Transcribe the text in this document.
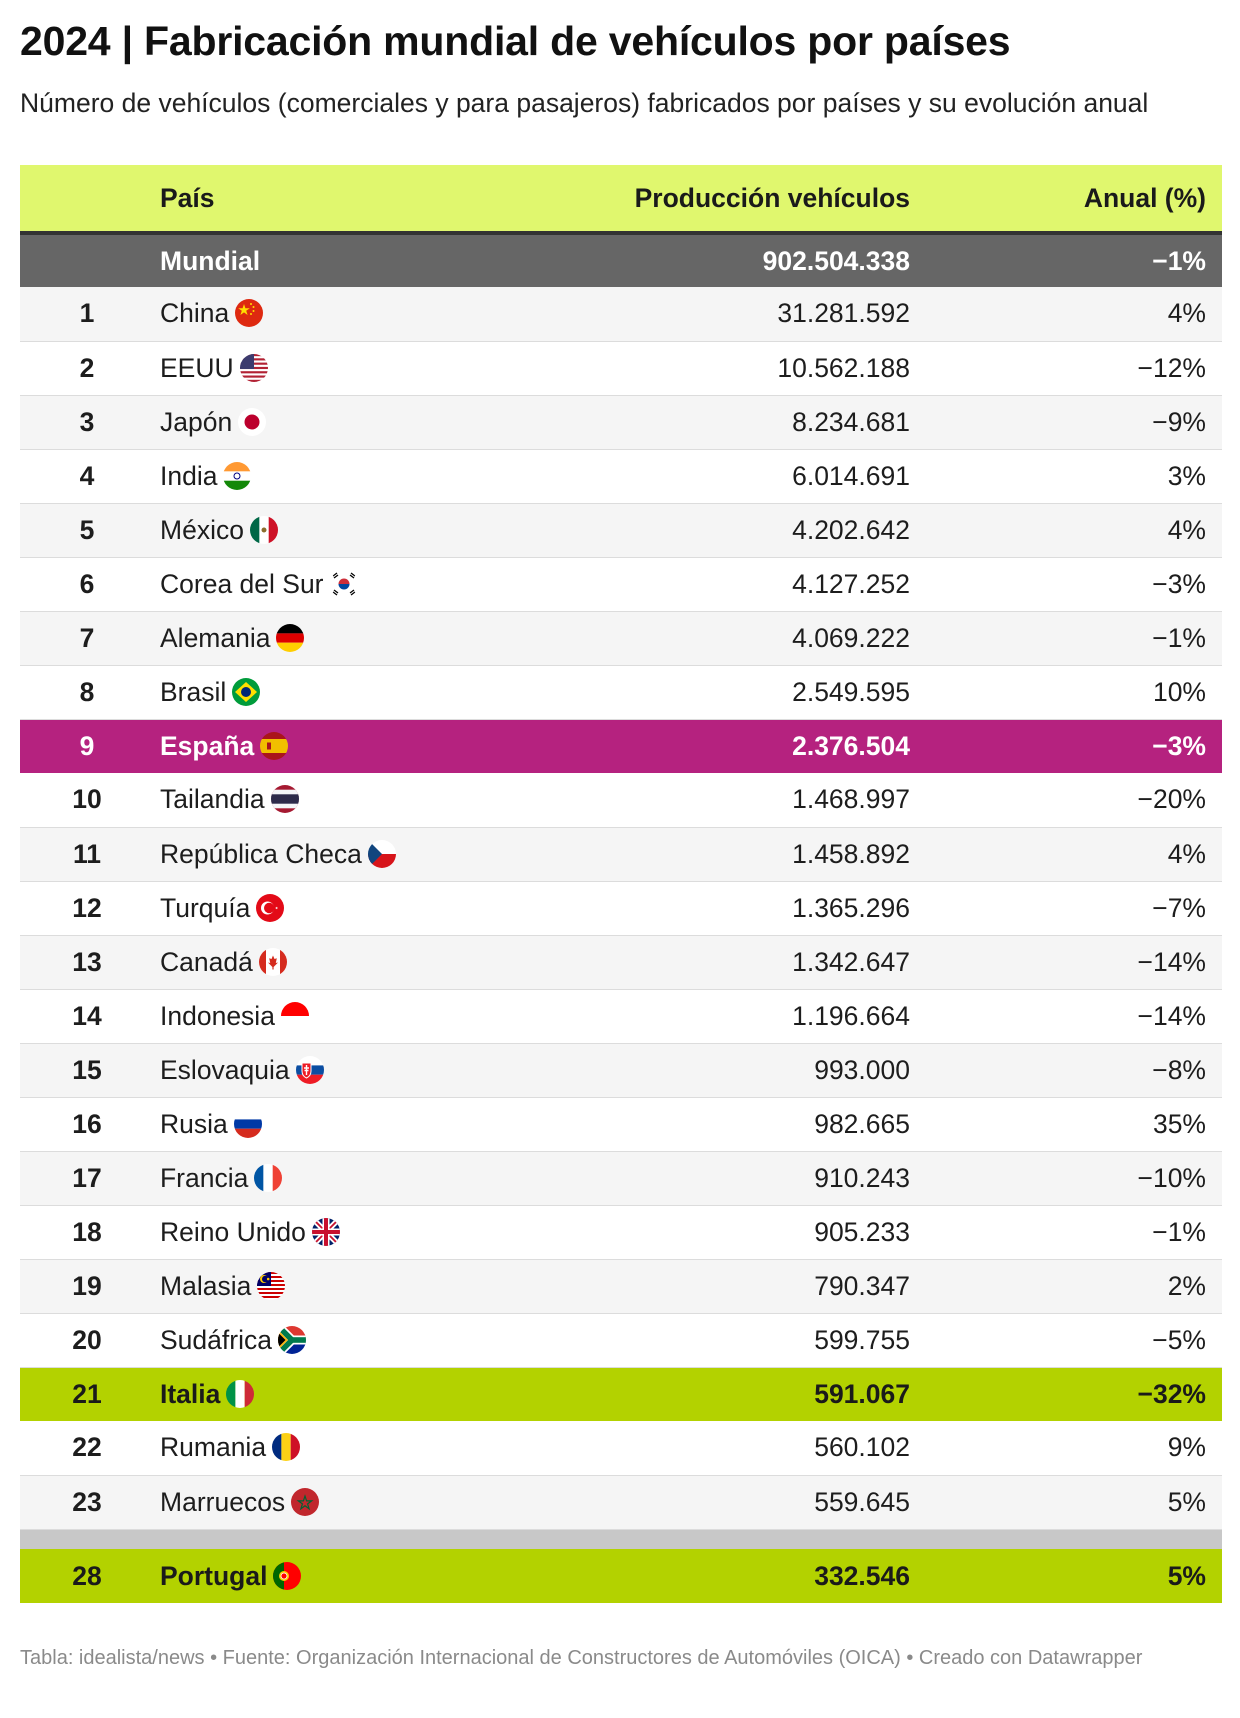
2024 | Fabricación mundial de vehículos por países

Número de vehículos (comerciales y para pasajeros) fabricados por países y su evolución anual

	País	Producción vehículos	Anual (%)
	Mundial	902.504.338	−1%
1	China	31.281.592	4%
2	EEUU	10.562.188	−12%
3	Japón	8.234.681	−9%
4	India	6.014.691	3%
5	México	4.202.642	4%
6	Corea del Sur	4.127.252	−3%
7	Alemania	4.069.222	−1%
8	Brasil	2.549.595	10%
9	España	2.376.504	−3%
10	Tailandia	1.468.997	−20%
11	República Checa	1.458.892	4%
12	Turquía	1.365.296	−7%
13	Canadá	1.342.647	−14%
14	Indonesia	1.196.664	−14%
15	Eslovaquia	993.000	−8%
16	Rusia	982.665	35%
17	Francia	910.243	−10%
18	Reino Unido	905.233	−1%
19	Malasia	790.347	2%
20	Sudáfrica	599.755	−5%
21	Italia	591.067	−32%
22	Rumania	560.102	9%
23	Marruecos	559.645	5%

28	Portugal	332.546	5%
Tabla: idealista/news • Fuente: Organización Internacional de Constructores de Automóviles (OICA) • Creado con Datawrapper
